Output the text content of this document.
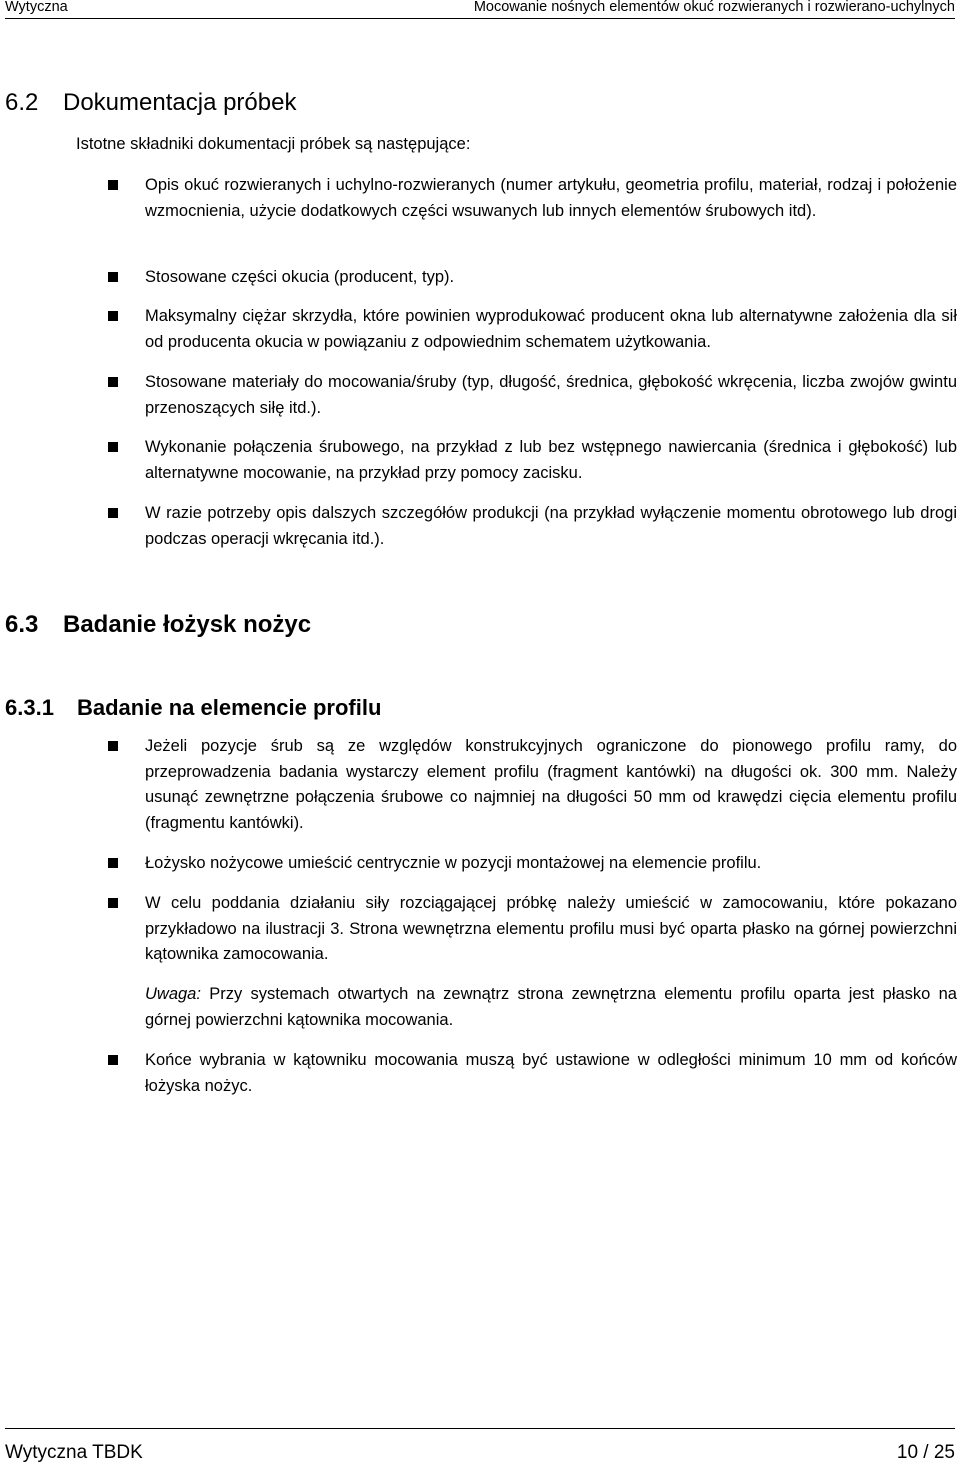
Wytyczna	Mocowanie nośnych elementów okuć rozwieranych i rozwierano-uchylnych
6.2 Dokumentacja próbek

Istotne składniki dokumentacji próbek są następujące:

Opis okuć rozwieranych i uchylno-rozwieranych (numer artykułu, geometria profilu, materiał, rodzaj i położenie wzmocnienia, użycie dodatkowych części wsuwanych lub innych elementów śrubowych itd).

Stosowane części okucia (producent, typ).

Maksymalny ciężar skrzydła, które powinien wyprodukować producent okna lub alternatywne założenia dla sił od producenta okucia w powiązaniu z odpowiednim schematem użytkowania.

Stosowane materiały do mocowania/śruby (typ, długość, średnica, głębokość wkręcenia, liczba zwojów gwintu przenoszących siłę itd.).

Wykonanie połączenia śrubowego, na przykład z lub bez wstępnego nawiercania (średnica i głębokość) lub alternatywne mocowanie, na przykład przy pomocy zacisku.

W razie potrzeby opis dalszych szczegółów produkcji (na przykład wyłączenie momentu obrotowego lub drogi podczas operacji wkręcania itd.).

6.3 Badanie łożysk nożyc
6.3.1 Badanie na elemencie profilu

Jeżeli pozycje śrub są ze względów konstrukcyjnych ograniczone do pionowego profilu ramy, do przeprowadzenia badania wystarczy element profilu (fragment kantówki) na długości ok. 300 mm. Należy usunąć zewnętrzne połączenia śrubowe co najmniej na długości 50 mm od krawędzi cięcia elementu profilu (fragmentu kantówki).

Łożysko nożycowe umieścić centrycznie w pozycji montażowej na elemencie profilu.

W celu poddania działaniu siły rozciągającej próbkę należy umieścić w zamocowaniu, które pokazano przykładowo na ilustracji 3. Strona wewnętrzna elementu profilu musi być oparta płasko na górnej powierzchni kątownika zamocowania.

Uwaga: Przy systemach otwartych na zewnątrz strona zewnętrzna elementu profilu oparta jest płasko na górnej powierzchni kątownika mocowania.

Końce wybrania w kątowniku mocowania muszą być ustawione w odległości minimum 10 mm od końców łożyska nożyc.

Wytyczna TBDK	10 / 25
